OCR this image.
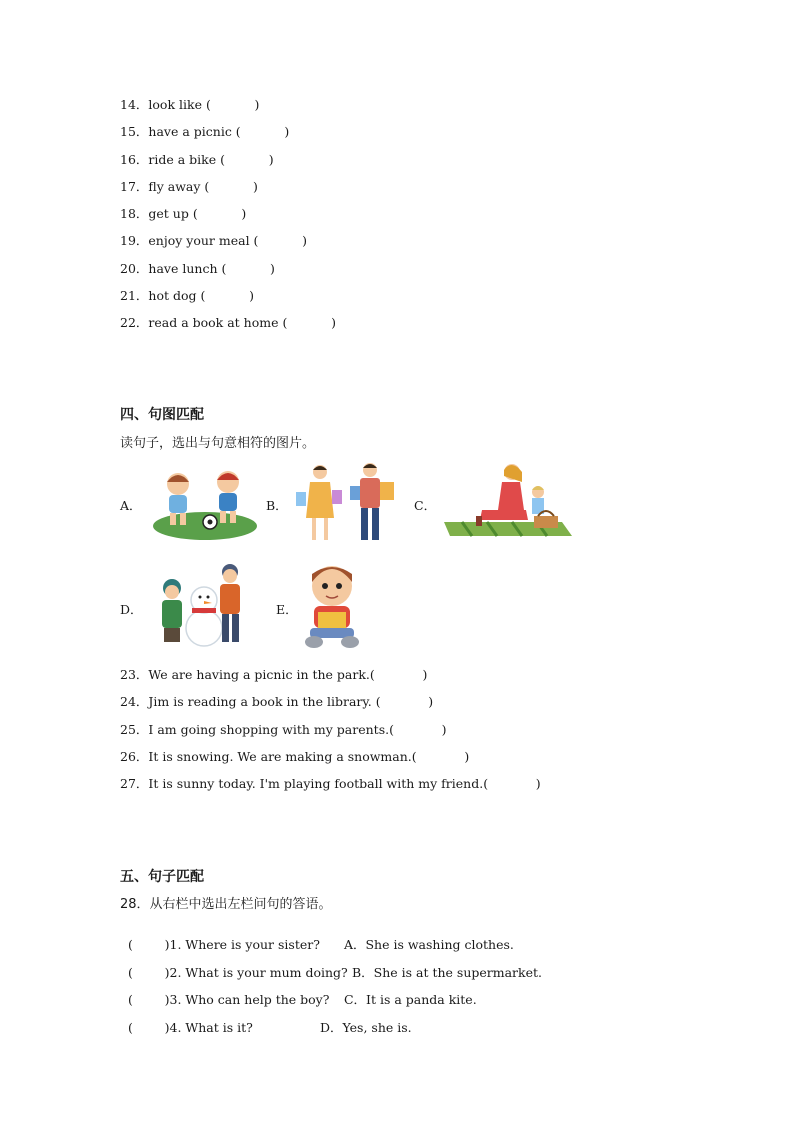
14．look like (           )
15．have a picnic (           )
16．ride a bike (           )
17．fly away (           )
18．get up (           )
19．enjoy your meal (           )
20．have lunch (           )
21．hot dog (           )
22．read a book at home (           )
四、句图匹配
读句子，选出与句意相符的图片。
A．	B．	C．
D．	E．
23．We are having a picnic in the park.(            )
24．Jim is reading a book in the library. (            )
25．I am going shopping with my parents.(            )
26．It is snowing. We are making a snowman.(            )
27．It is sunny today. I'm playing football with my friend.(            )
五、句子匹配
28．从右栏中选出左栏问句的答语。

(        )1. Where is your sister? A．She is washing clothes.

(        )2. What is your mum doing? B．She is at the supermarket.

(        )3. Who can help the boy? C．It is a panda kite.

(        )4. What is it?	D．Yes, she is.
